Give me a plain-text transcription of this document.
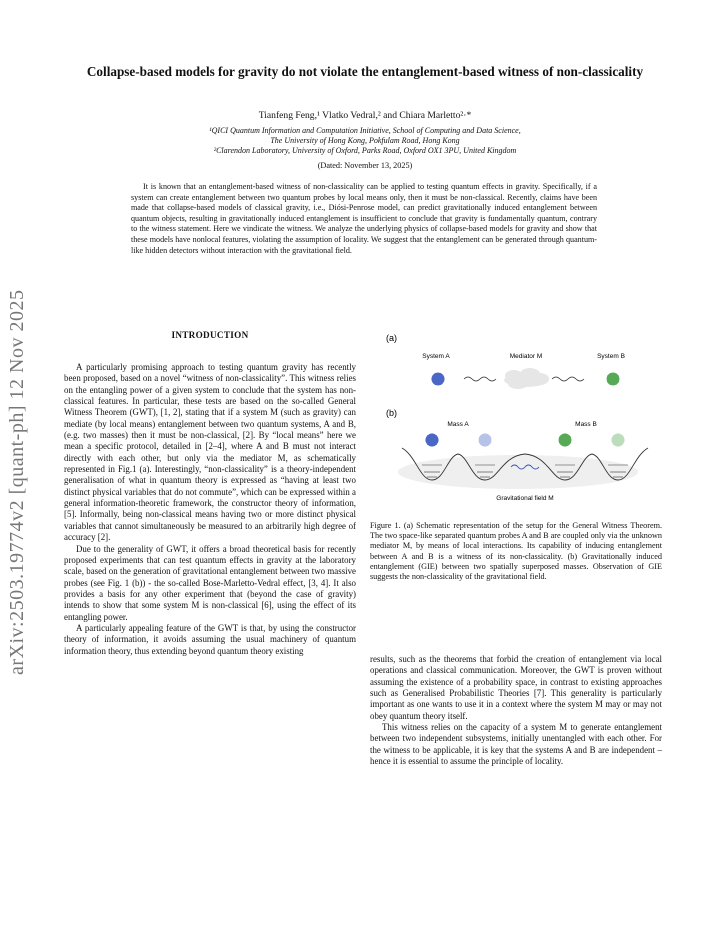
arXiv:2503.19774v2 [quant-ph] 12 Nov 2025
Collapse-based models for gravity do not violate the entanglement-based witness of non-classicality
Tianfeng Feng,¹ Vlatko Vedral,² and Chiara Marletto²·*
¹QICI Quantum Information and Computation Initiative, School of Computing and Data Science,
The University of Hong Kong, Pokfulam Road, Hong Kong
²Clarendon Laboratory, University of Oxford, Parks Road, Oxford OX1 3PU, United Kingdom
(Dated: November 13, 2025)

It is known that an entanglement-based witness of non-classicality can be applied to testing quantum effects in gravity. Specifically, if a system can create entanglement between two quantum probes by local means only, then it must be non-classical. Recently, claims have been made that collapse-based models of classical gravity, i.e., Diósi-Penrose model, can predict gravitationally induced entanglement between quantum objects, resulting in gravitationally induced entanglement is insufficient to conclude that gravity is fundamentally quantum, contrary to the witness statement. Here we vindicate the witness. We analyze the underlying physics of collapse-based models for gravity and show that these models have nonlocal features, violating the assumption of locality. We suggest that the entanglement can be generated through quantum-like hidden detectors without interaction with the gravitational field.

INTRODUCTION

A particularly promising approach to testing quantum gravity has recently been proposed, based on a novel “witness of non-classicality”. This witness relies on the entangling power of a given system to conclude that the system has non-classical features. In particular, these tests are based on the so-called General Witness Theorem (GWT), [1, 2], stating that if a system M (such as gravity) can mediate (by local means) entanglement between two quantum systems, A and B, (e.g. two masses) then it must be non-classical, [2]. By “local means” here we mean a specific protocol, detailed in [2–4], where A and B must not interact directly with each other, but only via the mediator M, as schematically represented in Fig.1 (a). Interestingly, “non-classicality” is a theory-independent generalisation of what in quantum theory is expressed as “having at least two distinct physical variables that do not commute”, which can be expressed within a general information-theoretic framework, the constructor theory of information, [5]. Informally, being non-classical means having two or more distinct physical variables that cannot simultaneously be measured to an arbitrarily high degree of accuracy [2].

Due to the generality of GWT, it offers a broad theoretical basis for recently proposed experiments that can test quantum effects in gravity at the laboratory scale, based on the generation of gravitational entanglement between two massive probes (see Fig. 1 (b)) - the so-called Bose-Marletto-Vedral effect, [3, 4]. It also provides a basis for any other experiment that (beyond the case of gravity) intends to show that some system M is non-classical [6], using the effect of its entangling power.

A particularly appealing feature of the GWT is that, by using the constructor theory of information, it avoids assuming the usual machinery of quantum information theory, thus extending beyond quantum theory existing

(a)
System A	Mediator M	System B
(b)
Mass A	Mass B
Gravitational field M

Figure 1. (a) Schematic representation of the setup for the General Witness Theorem. The two space-like separated quantum probes A and B are coupled only via the unknown mediator M, by means of local interactions. Its capability of inducing entanglement between A and B is a witness of its non-classicality. (b) Gravitationally induced entanglement (GIE) between two spatially superposed masses. Observation of GIE suggests the non-classicality of the gravitational field.

results, such as the theorems that forbid the creation of entanglement via local operations and classical communication. Moreover, the GWT is proven without assuming the existence of a probability space, in contrast to existing approaches such as Generalised Probabilistic Theories [7]. This generality is particularly important as one wants to use it in a context where the system M may or may not obey quantum theory itself.

This witness relies on the capacity of a system M to generate entanglement between two independent subsystems, initially unentangled with each other. For the witness to be applicable, it is key that the systems A and B are independent – hence it is essential to assume the principle of locality.
